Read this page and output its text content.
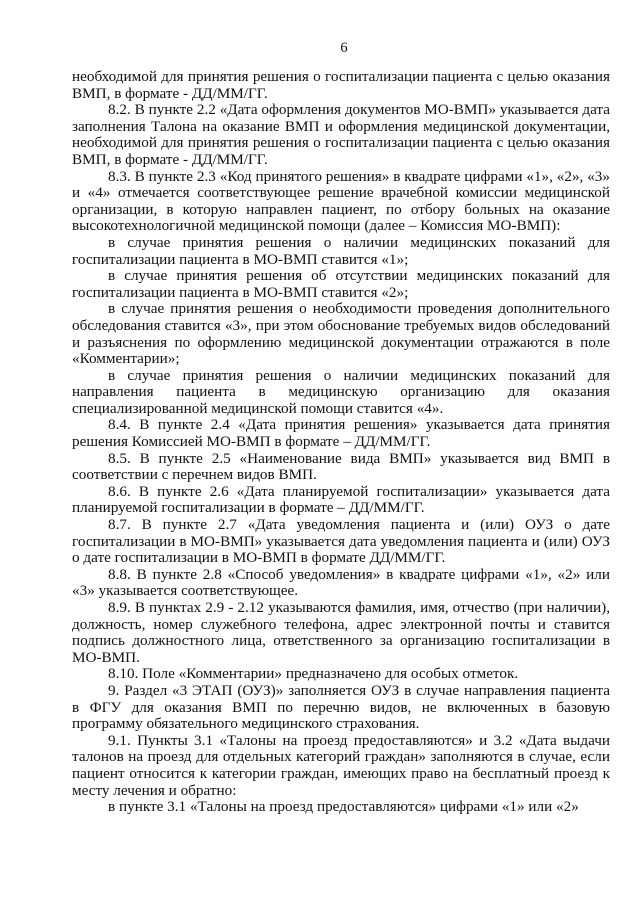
6

необходимой для принятия решения о госпитализации пациента с целью оказания ВМП, в формате - ДД/ММ/ГГ.

8.2. В пункте 2.2 «Дата оформления документов МО-ВМП» указывается дата заполнения Талона на оказание ВМП и оформления медицинской документации, необходимой для принятия решения о госпитализации пациента с целью оказания ВМП, в формате - ДД/ММ/ГГ.

8.3. В пункте 2.3 «Код принятого решения» в квадрате цифрами «1», «2», «3» и «4» отмечается соответствующее решение врачебной комиссии медицинской организации, в которую направлен пациент, по отбору больных на оказание высокотехнологичной медицинской помощи (далее – Комиссия МО-ВМП):

в случае принятия решения о наличии медицинских показаний для госпитализации пациента в МО-ВМП ставится «1»;

в случае принятия решения об отсутствии медицинских показаний для госпитализации пациента в МО-ВМП ставится «2»;

в случае принятия решения о необходимости проведения дополнительного обследования ставится «3», при этом обоснование требуемых видов обследований и разъяснения по оформлению медицинской документации отражаются в поле «Комментарии»;

в случае принятия решения о наличии медицинских показаний для направления пациента в медицинскую организацию для оказания специализированной медицинской помощи ставится «4».

8.4. В пункте 2.4 «Дата принятия решения» указывается дата принятия решения Комиссией МО-ВМП в формате – ДД/ММ/ГГ.

8.5. В пункте 2.5 «Наименование вида ВМП» указывается вид ВМП в соответствии с перечнем видов ВМП.

8.6. В пункте 2.6 «Дата планируемой госпитализации» указывается дата планируемой госпитализации в формате – ДД/ММ/ГГ.

8.7. В пункте 2.7 «Дата уведомления пациента и (или) ОУЗ о дате госпитализации в МО-ВМП» указывается дата уведомления пациента и (или) ОУЗ о дате госпитализации в МО-ВМП в формате ДД/ММ/ГГ.

8.8. В пункте 2.8 «Способ уведомления» в квадрате цифрами «1», «2» или «3» указывается соответствующее.

8.9. В пунктах 2.9 - 2.12 указываются фамилия, имя, отчество (при наличии), должность, номер служебного телефона, адрес электронной почты и ставится подпись должностного лица, ответственного за организацию госпитализации в МО-ВМП.

8.10. Поле «Комментарии» предназначено для особых отметок.

9. Раздел «3 ЭТАП (ОУЗ)» заполняется ОУЗ в случае направления пациента в ФГУ для оказания ВМП по перечню видов, не включенных в базовую программу обязательного медицинского страхования.

9.1. Пункты 3.1 «Талоны на проезд предоставляются» и 3.2 «Дата выдачи талонов на проезд для отдельных категорий граждан» заполняются в случае, если пациент относится к категории граждан, имеющих право на бесплатный проезд к месту лечения и обратно:

в пункте 3.1 «Талоны на проезд предоставляются» цифрами «1» или «2»
